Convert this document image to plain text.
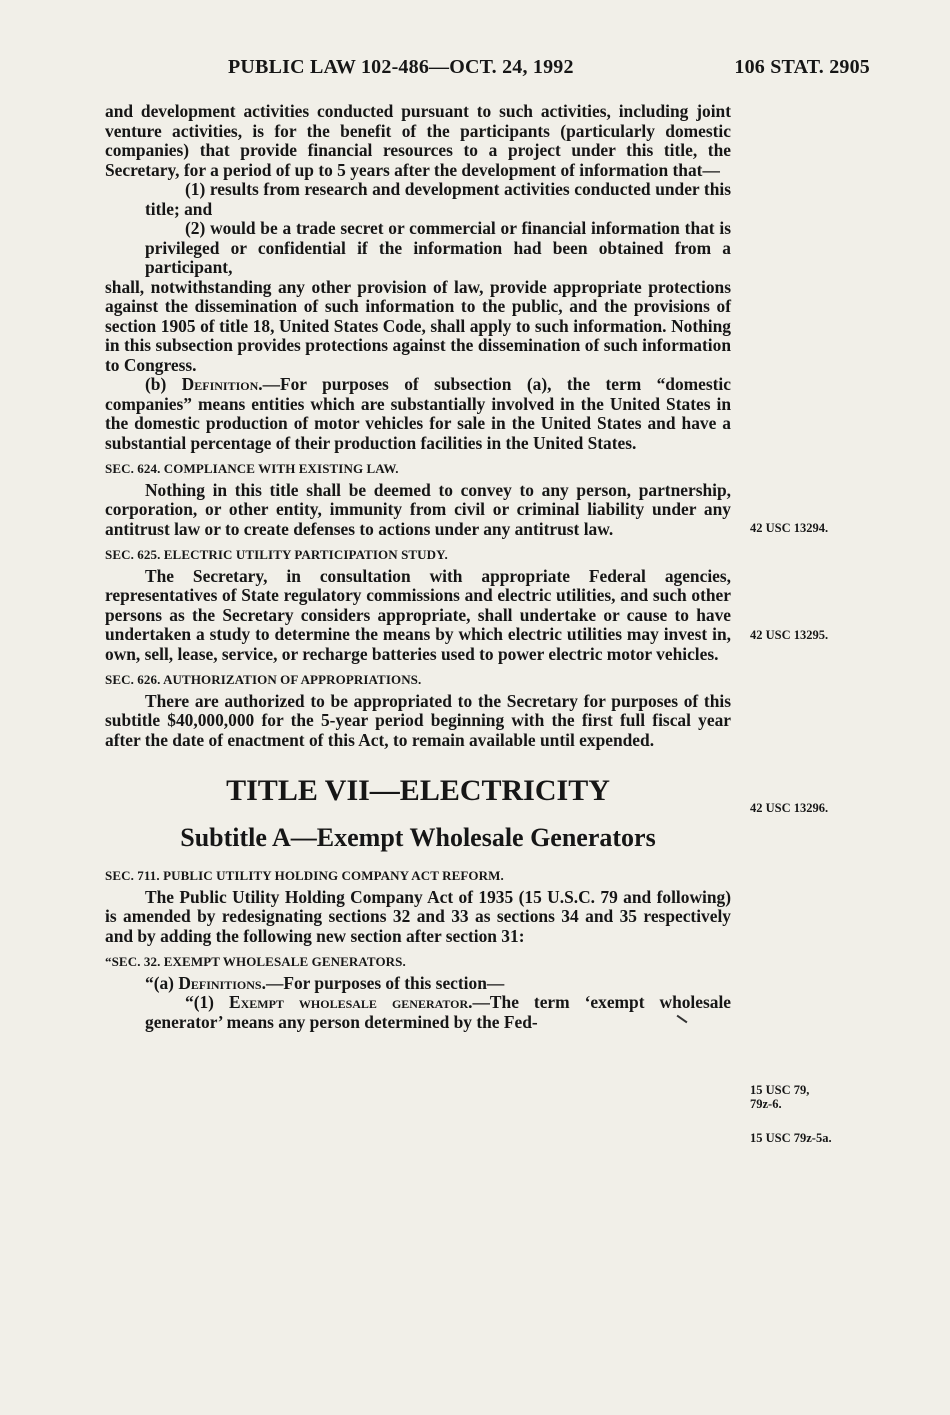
PUBLIC LAW 102-486—OCT. 24, 1992	106 STAT. 2905

and development activities conducted pursuant to such activities, including joint venture activities, is for the benefit of the participants (particularly domestic companies) that provide financial resources to a project under this title, the Secretary, for a period of up to 5 years after the development of information that—

(1) results from research and development activities conducted under this title; and

(2) would be a trade secret or commercial or financial information that is privileged or confidential if the information had been obtained from a participant,

shall, notwithstanding any other provision of law, provide appropriate protections against the dissemination of such information to the public, and the provisions of section 1905 of title 18, United States Code, shall apply to such information. Nothing in this subsection provides protections against the dissemination of such information to Congress.

(b) Definition.—For purposes of subsection (a), the term “domestic companies” means entities which are substantially involved in the United States in the domestic production of motor vehicles for sale in the United States and have a substantial percentage of their production facilities in the United States.

SEC. 624. COMPLIANCE WITH EXISTING LAW.

Nothing in this title shall be deemed to convey to any person, partnership, corporation, or other entity, immunity from civil or criminal liability under any antitrust law or to create defenses to actions under any antitrust law.

SEC. 625. ELECTRIC UTILITY PARTICIPATION STUDY.

The Secretary, in consultation with appropriate Federal agencies, representatives of State regulatory commissions and electric utilities, and such other persons as the Secretary considers appropriate, shall undertake or cause to have undertaken a study to determine the means by which electric utilities may invest in, own, sell, lease, service, or recharge batteries used to power electric motor vehicles.

SEC. 626. AUTHORIZATION OF APPROPRIATIONS.

There are authorized to be appropriated to the Secretary for purposes of this subtitle $40,000,000 for the 5-year period beginning with the first full fiscal year after the date of enactment of this Act, to remain available until expended.

TITLE VII—ELECTRICITY
Subtitle A—Exempt Wholesale Generators
SEC. 711. PUBLIC UTILITY HOLDING COMPANY ACT REFORM.

The Public Utility Holding Company Act of 1935 (15 U.S.C. 79 and following) is amended by redesignating sections 32 and 33 as sections 34 and 35 respectively and by adding the following new section after section 31:

“SEC. 32. EXEMPT WHOLESALE GENERATORS.

“(a) Definitions.—For purposes of this section—

“(1) Exempt wholesale generator.—The term ‘exempt wholesale generator’ means any person determined by the Fed-

42 USC 13294.
42 USC 13295.
42 USC 13296.
15 USC 79,
79z-6.
15 USC 79z-5a.
